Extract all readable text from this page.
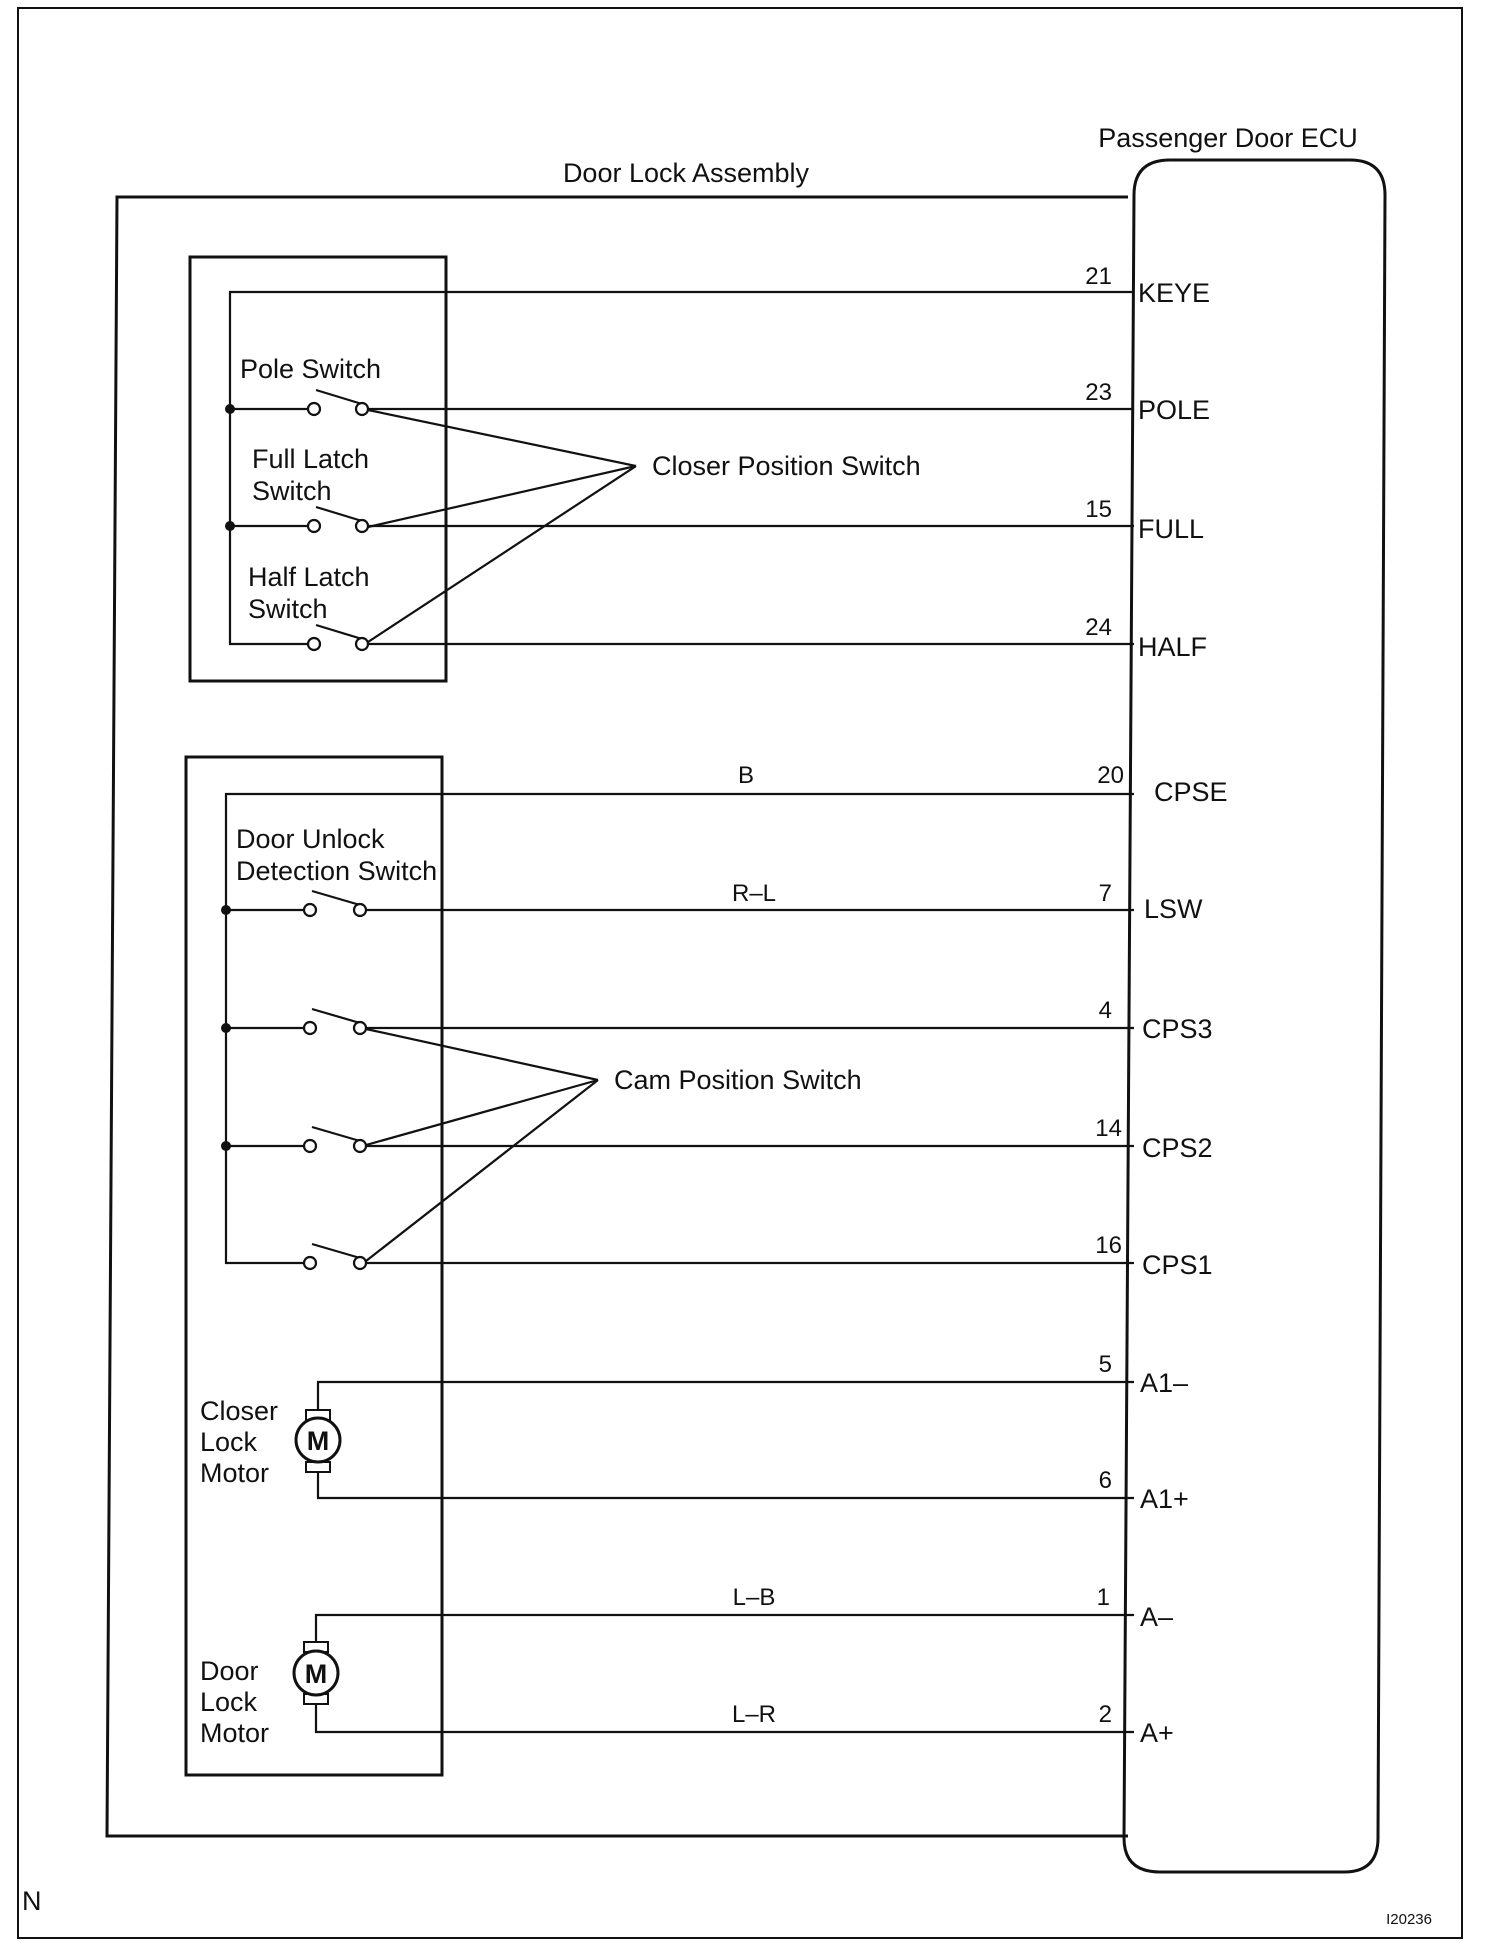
Door Lock Assembly
Passenger Door ECU
Closer Position Switch
Pole Switch
Full Latch
Switch
Half Latch
Switch
Cam Position Switch
Door Unlock
Detection Switch
M
Closer
Lock
Motor
M
Door
Lock
Motor
21
KEYE
23
POLE
15
FULL
24
HALF
20
CPSE
B
7
LSW
R–L
4
CPS3
14
CPS2
16
CPS1
5
A1–
6
A1+
1
A–
L–B
2
A+
L–R
N
I20236
